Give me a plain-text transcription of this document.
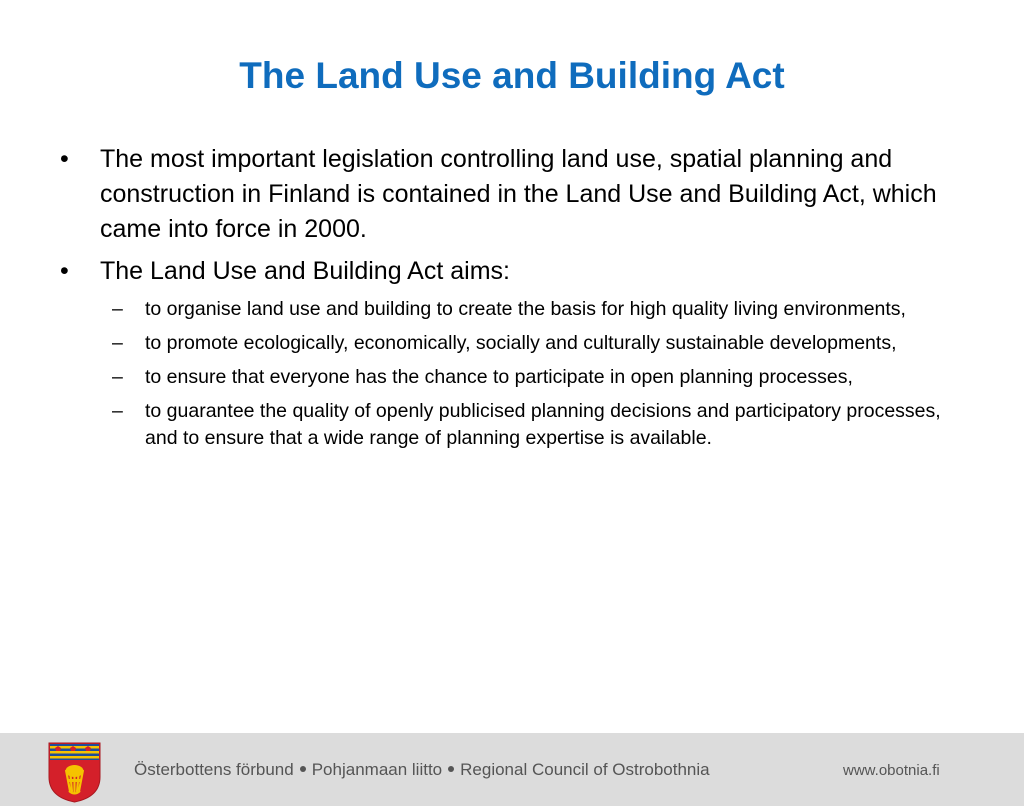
The Land Use and Building Act
•	The most important legislation controlling land use, spatial planning and construction in Finland is contained in the Land Use and Building Act, which came into force in 2000.
•	The Land Use and Building Act aims:
– to organise land use and building to create the basis for high quality living environments,
– to promote ecologically, economically, socially and culturally sustainable developments,
– to ensure that everyone has the chance to participate in open planning processes,
– to guarantee the quality of openly publicised planning decisions and participatory processes, and to ensure that a wide range of planning expertise is available.
Österbottens förbund Pohjanmaan liitto Regional Council of Ostrobothnia	www.obotnia.fi
